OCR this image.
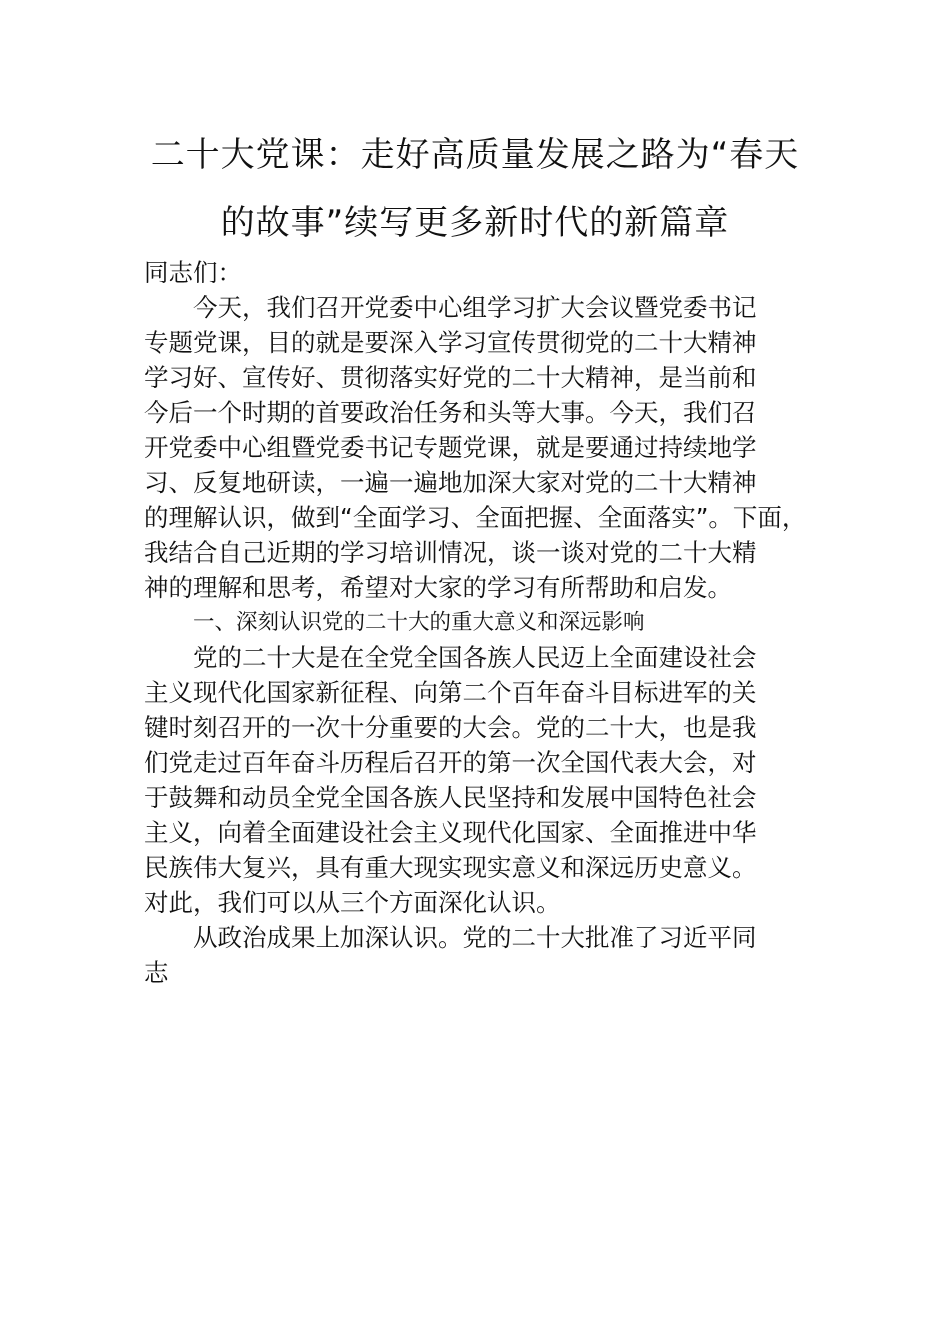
二十大党课：走好高质量发展之路为“春天
的故事”续写更多新时代的新篇章
同志们：
今天，我们召开党委中心组学习扩大会议暨党委书记
专题党课，目的就是要深入学习宣传贯彻党的二十大精神
学习好、宣传好、贯彻落实好党的二十大精神，是当前和
今后一个时期的首要政治任务和头等大事。今天，我们召
开党委中心组暨党委书记专题党课，就是要通过持续地学
习、反复地研读，一遍一遍地加深大家对党的二十大精神
的理解认识，做到“全面学习、全面把握、全面落实”。下面，
我结合自己近期的学习培训情况，谈一谈对党的二十大精
神的理解和思考，希望对大家的学习有所帮助和启发。
一、深刻认识党的二十大的重大意义和深远影响
党的二十大是在全党全国各族人民迈上全面建设社会
主义现代化国家新征程、向第二个百年奋斗目标进军的关
键时刻召开的一次十分重要的大会。党的二十大，也是我
们党走过百年奋斗历程后召开的第一次全国代表大会，对
于鼓舞和动员全党全国各族人民坚持和发展中国特色社会
主义，向着全面建设社会主义现代化国家、全面推进中华
民族伟大复兴，具有重大现实现实意义和深远历史意义。
对此，我们可以从三个方面深化认识。
从政治成果上加深认识。党的二十大批准了习近平同
志
